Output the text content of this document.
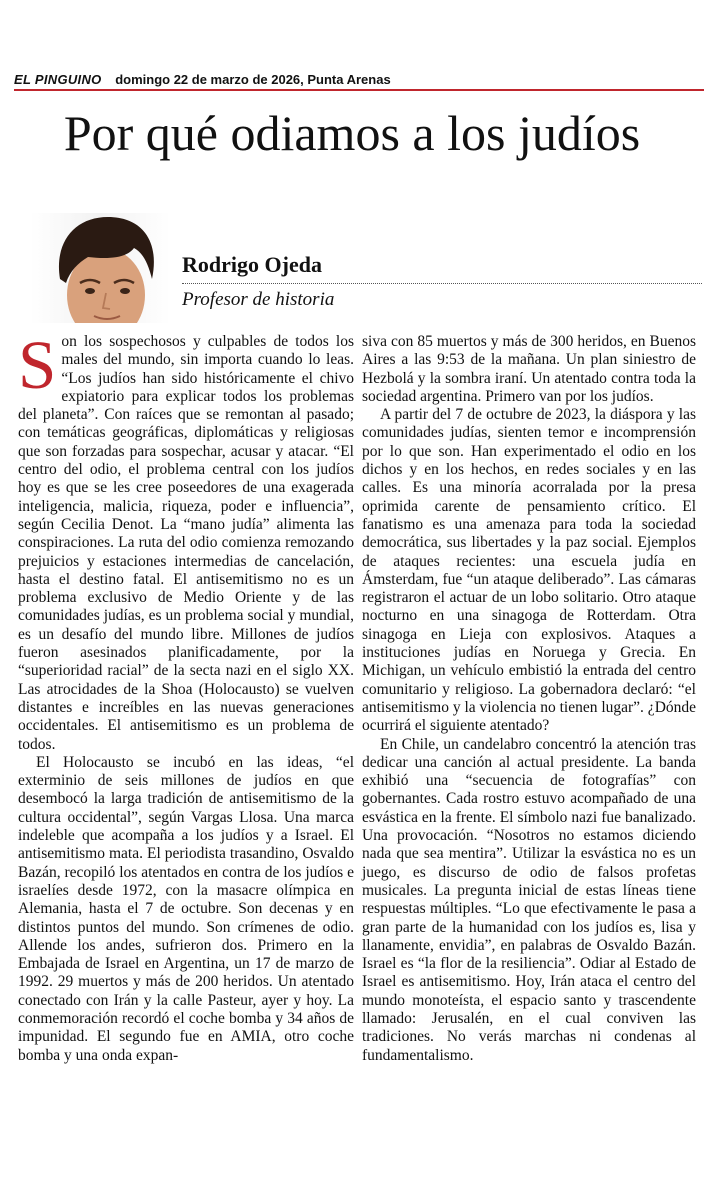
EL PINGUINO domingo 22 de marzo de 2026, Punta Arenas
Por qué odiamos a los judíos
Rodrigo Ojeda
Profesor de historia

Son los sospechosos y culpables de todos los males del mundo, sin importa cuando lo leas. “Los judíos han sido históricamente el chivo expiatorio para explicar todos los problemas del planeta”. Con raíces que se remontan al pasado; con temáticas geográficas, diplomáticas y religiosas que son forzadas para sospechar, acusar y atacar. “El centro del odio, el problema central con los judíos hoy es que se les cree poseedores de una exagerada inteligencia, malicia, riqueza, poder e influencia”, según Cecilia Denot. La “mano judía” alimenta las conspiraciones. La ruta del odio comienza remozando prejuicios y estaciones intermedias de cancelación, hasta el destino fatal. El antisemitismo no es un problema exclusivo de Medio Oriente y de las comunidades judías, es un problema social y mundial, es un desafío del mundo libre. Millones de judíos fueron asesinados planificadamente, por la “superioridad racial” de la secta nazi en el siglo XX. Las atrocidades de la Shoa (Holocausto) se vuelven distantes e increíbles en las nuevas generaciones occidentales. El antisemitismo es un problema de todos.

El Holocausto se incubó en las ideas, “el exterminio de seis millones de judíos en que desembocó la larga tradición de antisemitismo de la cultura occidental”, según Vargas Llosa. Una marca indeleble que acompaña a los judíos y a Israel. El antisemitismo mata. El periodista trasandino, Osvaldo Bazán, recopiló los atentados en contra de los judíos e israelíes desde 1972, con la masacre olímpica en Alemania, hasta el 7 de octubre. Son decenas y en distintos puntos del mundo. Son crímenes de odio. Allende los andes, sufrieron dos. Primero en la Embajada de Israel en Argentina, un 17 de marzo de 1992. 29 muertos y más de 200 heridos. Un atentado conectado con Irán y la calle Pasteur, ayer y hoy. La conmemoración recordó el coche bomba y 34 años de impunidad. El segundo fue en AMIA, otro coche bomba y una onda expan-

siva con 85 muertos y más de 300 heridos, en Buenos Aires a las 9:53 de la mañana. Un plan siniestro de Hezbolá y la sombra iraní. Un atentado contra toda la sociedad argentina. Primero van por los judíos.

A partir del 7 de octubre de 2023, la diáspora y las comunidades judías, sienten temor e incomprensión por lo que son. Han experimentado el odio en los dichos y en los hechos, en redes sociales y en las calles. Es una minoría acorralada por la presa oprimida carente de pensamiento crítico. El fanatismo es una amenaza para toda la sociedad democrática, sus libertades y la paz social. Ejemplos de ataques recientes: una escuela judía en Ámsterdam, fue “un ataque deliberado”. Las cámaras registraron el actuar de un lobo solitario. Otro ataque nocturno en una sinagoga de Rotterdam. Otra sinagoga en Lieja con explosivos. Ataques a instituciones judías en Noruega y Grecia. En Michigan, un vehículo embistió la entrada del centro comunitario y religioso. La gobernadora declaró: “el antisemitismo y la violencia no tienen lugar”. ¿Dónde ocurrirá el siguiente atentado?

En Chile, un candelabro concentró la atención tras dedicar una canción al actual presidente. La banda exhibió una “secuencia de fotografías” con gobernantes. Cada rostro estuvo acompañado de una esvástica en la frente. El símbolo nazi fue banalizado. Una provocación. “Nosotros no estamos diciendo nada que sea mentira”. Utilizar la esvástica no es un juego, es discurso de odio de falsos profetas musicales. La pregunta inicial de estas líneas tiene respuestas múltiples. “Lo que efectivamente le pasa a gran parte de la humanidad con los judíos es, lisa y llanamente, envidia”, en palabras de Osvaldo Bazán. Israel es “la flor de la resiliencia”. Odiar al Estado de Israel es antisemitismo. Hoy, Irán ataca el centro del mundo monoteísta, el espacio santo y trascendente llamado: Jerusalén, en el cual conviven las tradiciones. No verás marchas ni condenas al fundamentalismo.
